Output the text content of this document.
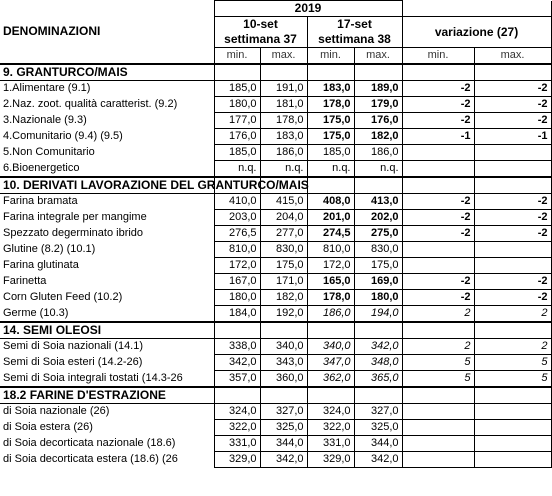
DENOMINAZIONI	2019					
	10-set		17-set		variazione (27)	
	settimana 37		settimana 38			
	min.	max.	min.	max.	min.	max.
9. GRANTURCO/MAIS						
1.Alimentare (9.1)	185,0	191,0	183,0	189,0	-2	-2
2.Naz. zoot. qualità caratterist. (9.2)	180,0	181,0	178,0	179,0	-2	-2
3.Nazionale (9.3)	177,0	178,0	175,0	176,0	-2	-2
4.Comunitario (9.4) (9.5)	176,0	183,0	175,0	182,0	-1	-1
5.Non Comunitario	185,0	186,0	185,0	186,0		
6.Bioenergetico	n.q.	n.q.	n.q.	n.q.		
10. DERIVATI LAVORAZIONE DEL GRANTURCO/MAIS						
Farina bramata	410,0	415,0	408,0	413,0	-2	-2
Farina integrale per mangime	203,0	204,0	201,0	202,0	-2	-2
Spezzato degerminato ibrido	276,5	277,0	274,5	275,0	-2	-2
Glutine (8.2) (10.1)	810,0	830,0	810,0	830,0		
Farina glutinata	172,0	175,0	172,0	175,0		
Farinetta	167,0	171,0	165,0	169,0	-2	-2
Corn Gluten Feed (10.2)	180,0	182,0	178,0	180,0	-2	-2
Germe (10.3)	184,0	192,0	186,0	194,0	2	2
14. SEMI OLEOSI						
Semi di Soia nazionali (14.1)	338,0	340,0	340,0	342,0	2	2
Semi di Soia esteri (14.2-26)	342,0	343,0	347,0	348,0	5	5
Semi di Soia integrali tostati (14.3-26	357,0	360,0	362,0	365,0	5	5
18.2 FARINE D'ESTRAZIONE						
di Soia nazionale (26)	324,0	327,0	324,0	327,0		
di Soia estera (26)	322,0	325,0	322,0	325,0		
di Soia decorticata nazionale (18.6)	331,0	344,0	331,0	344,0		
di Soia decorticata estera (18.6) (26	329,0	342,0	329,0	342,0		
